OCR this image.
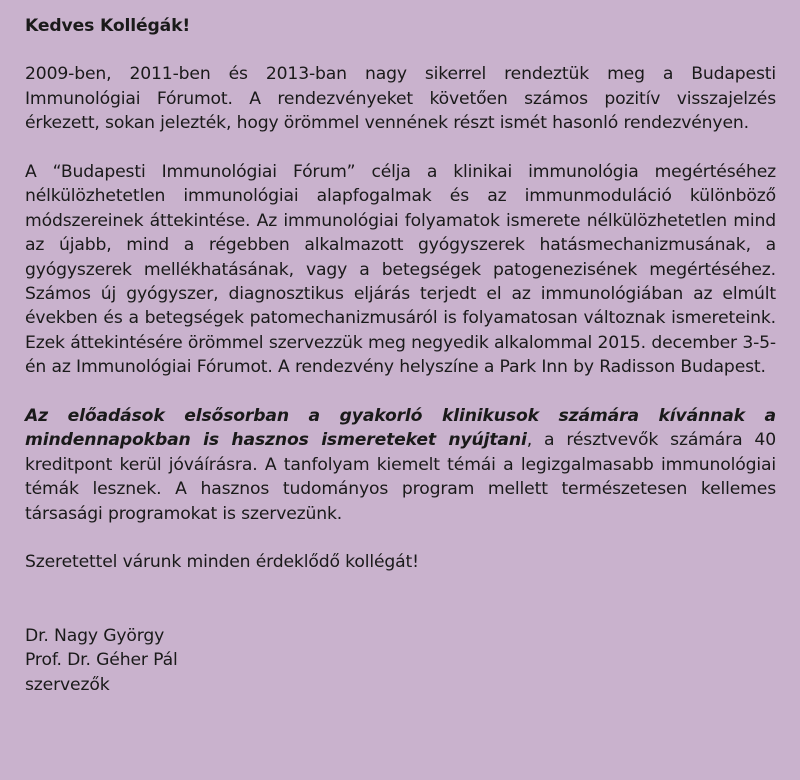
Kedves Kollégák!
2009-ben, 2011-ben és 2013-ban nagy sikerrel rendeztük meg a Budapesti Immunológiai Fórumot. A rendezvényeket követően számos pozitív visszajelzés érkezett, sokan jelezték, hogy örömmel vennének részt ismét hasonló rendezvényen.
A “Budapesti Immunológiai Fórum” célja a klinikai immunológia megértéséhez nélkülözhetetlen immunológiai alapfogalmak és az immunmoduláció különböző módszereinek áttekintése. Az immunológiai folyamatok ismerete nélkülözhetetlen mind az újabb, mind a régebben alkalmazott gyógyszerek hatásmechanizmusának, a gyógyszerek mellékhatásának, vagy a betegségek patogenezisének megértéséhez. Számos új gyógyszer, diagnosztikus eljárás terjedt el az immunológiában az elmúlt években és a betegségek patomechanizmusáról is folyamatosan változnak ismereteink. Ezek áttekintésére örömmel szervezzük meg negyedik alkalommal 2015. december 3-5-én az Immunológiai Fórumot. A rendezvény helyszíne a Park Inn by Radisson Budapest.
Az előadások elsősorban a gyakorló klinikusok számára kívánnak a mindennapokban is hasznos ismereteket nyújtani, a résztvevők számára 40 kreditpont kerül jóváírásra. A tanfolyam kiemelt témái a legizgalmasabb immunológiai témák lesznek. A hasznos tudományos program mellett természetesen kellemes társasági programokat is szervezünk.
Szeretettel várunk minden érdeklődő kollégát!
Dr. Nagy György
Prof. Dr. Géher Pál
szervezők
